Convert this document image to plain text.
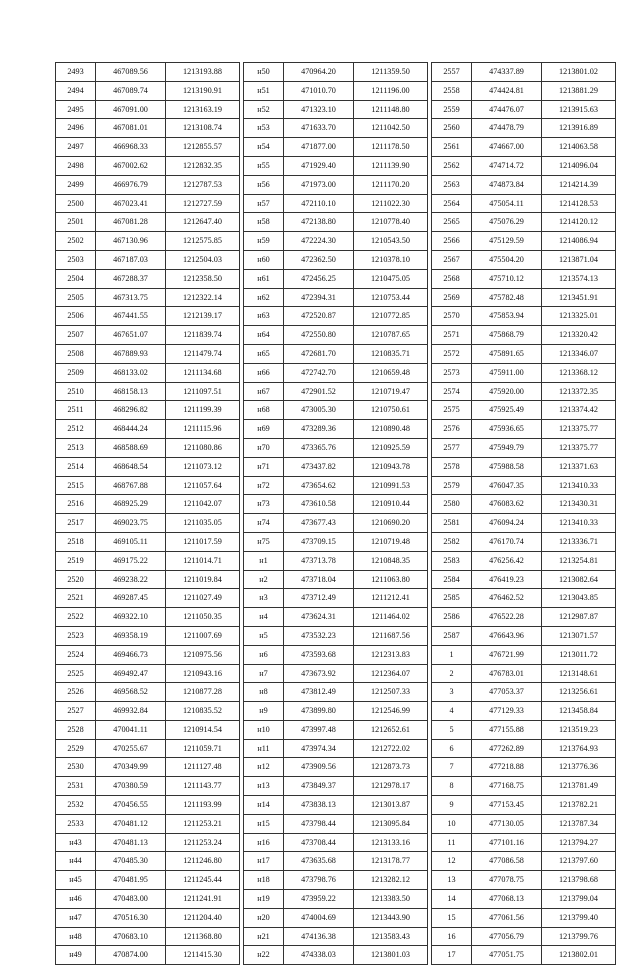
2493	467089.56	1213193.88
2494	467089.74	1213190.91
2495	467091.00	1213163.19
2496	467081.01	1213108.74
2497	466968.33	1212855.57
2498	467002.62	1212832.35
2499	466976.79	1212787.53
2500	467023.41	1212727.59
2501	467081.28	1212647.40
2502	467130.96	1212575.85
2503	467187.03	1212504.03
2504	467288.37	1212358.50
2505	467313.75	1212322.14
2506	467441.55	1212139.17
2507	467651.07	1211839.74
2508	467889.93	1211479.74
2509	468133.02	1211134.68
2510	468158.13	1211097.51
2511	468296.82	1211199.39
2512	468444.24	1211115.96
2513	468588.69	1211080.86
2514	468648.54	1211073.12
2515	468767.88	1211057.64
2516	468925.29	1211042.07
2517	469023.75	1211035.05
2518	469105.11	1211017.59
2519	469175.22	1211014.71
2520	469238.22	1211019.84
2521	469287.45	1211027.49
2522	469322.10	1211050.35
2523	469358.19	1211007.69
2524	469466.73	1210975.56
2525	469492.47	1210943.16
2526	469568.52	1210877.28
2527	469932.84	1210835.52
2528	470041.11	1210914.54
2529	470255.67	1211059.71
2530	470349.99	1211127.48
2531	470380.59	1211143.77
2532	470456.55	1211193.99
2533	470481.12	1211253.21
н43	470481.13	1211253.24
н44	470485.30	1211246.80
н45	470481.95	1211245.44
н46	470483.00	1211241.91
н47	470516.30	1211204.40
н48	470683.10	1211368.80
н49	470874.00	1211415.30
н50	470964.20	1211359.50
н51	471010.70	1211196.00
н52	471323.10	1211148.80
н53	471633.70	1211042.50
н54	471877.00	1211178.50
н55	471929.40	1211139.90
н56	471973.00	1211170.20
н57	472110.10	1211022.30
н58	472138.80	1210778.40
н59	472224.30	1210543.50
н60	472362.50	1210378.10
н61	472456.25	1210475.05
н62	472394.31	1210753.44
н63	472520.87	1210772.85
н64	472550.80	1210787.65
н65	472681.70	1210835.71
н66	472742.70	1210659.48
н67	472901.52	1210719.47
н68	473005.30	1210750.61
н69	473289.36	1210890.48
н70	473365.76	1210925.59
н71	473437.82	1210943.78
н72	473654.62	1210991.53
н73	473610.58	1210910.44
н74	473677.43	1210690.20
н75	473709.15	1210719.48
н1	473713.78	1210848.35
н2	473718.04	1211063.80
н3	473712.49	1211212.41
н4	473624.31	1211464.02
н5	473532.23	1211687.56
н6	473593.68	1212313.83
н7	473673.92	1212364.07
н8	473812.49	1212507.33
н9	473899.80	1212546.99
н10	473997.48	1212652.61
н11	473974.34	1212722.02
н12	473909.56	1212873.73
н13	473849.37	1212978.17
н14	473838.13	1213013.87
н15	473798.44	1213095.84
н16	473708.44	1213133.16
н17	473635.68	1213178.77
н18	473798.76	1213282.12
н19	473959.22	1213383.50
н20	474004.69	1213443.90
н21	474136.38	1213583.43
н22	474338.03	1213801.03
2557	474337.89	1213801.02
2558	474424.81	1213881.29
2559	474476.07	1213915.63
2560	474478.79	1213916.89
2561	474667.00	1214063.58
2562	474714.72	1214096.04
2563	474873.84	1214214.39
2564	475054.11	1214128.53
2565	475076.29	1214120.12
2566	475129.59	1214086.94
2567	475504.20	1213871.04
2568	475710.12	1213574.13
2569	475782.48	1213451.91
2570	475853.94	1213325.01
2571	475868.79	1213320.42
2572	475891.65	1213346.07
2573	475911.00	1213368.12
2574	475920.00	1213372.35
2575	475925.49	1213374.42
2576	475936.65	1213375.77
2577	475949.79	1213375.77
2578	475988.58	1213371.63
2579	476047.35	1213410.33
2580	476083.62	1213430.31
2581	476094.24	1213410.33
2582	476170.74	1213336.71
2583	476256.42	1213254.81
2584	476419.23	1213082.64
2585	476462.52	1213043.85
2586	476522.28	1212987.87
2587	476643.96	1213071.57
1	476721.99	1213011.72
2	476783.01	1213148.61
3	477053.37	1213256.61
4	477129.33	1213458.84
5	477155.88	1213519.23
6	477262.89	1213764.93
7	477218.88	1213776.36
8	477168.75	1213781.49
9	477153.45	1213782.21
10	477130.05	1213787.34
11	477101.16	1213794.27
12	477086.58	1213797.60
13	477078.75	1213798.68
14	477068.13	1213799.04
15	477061.56	1213799.40
16	477056.79	1213799.76
17	477051.75	1213802.01
